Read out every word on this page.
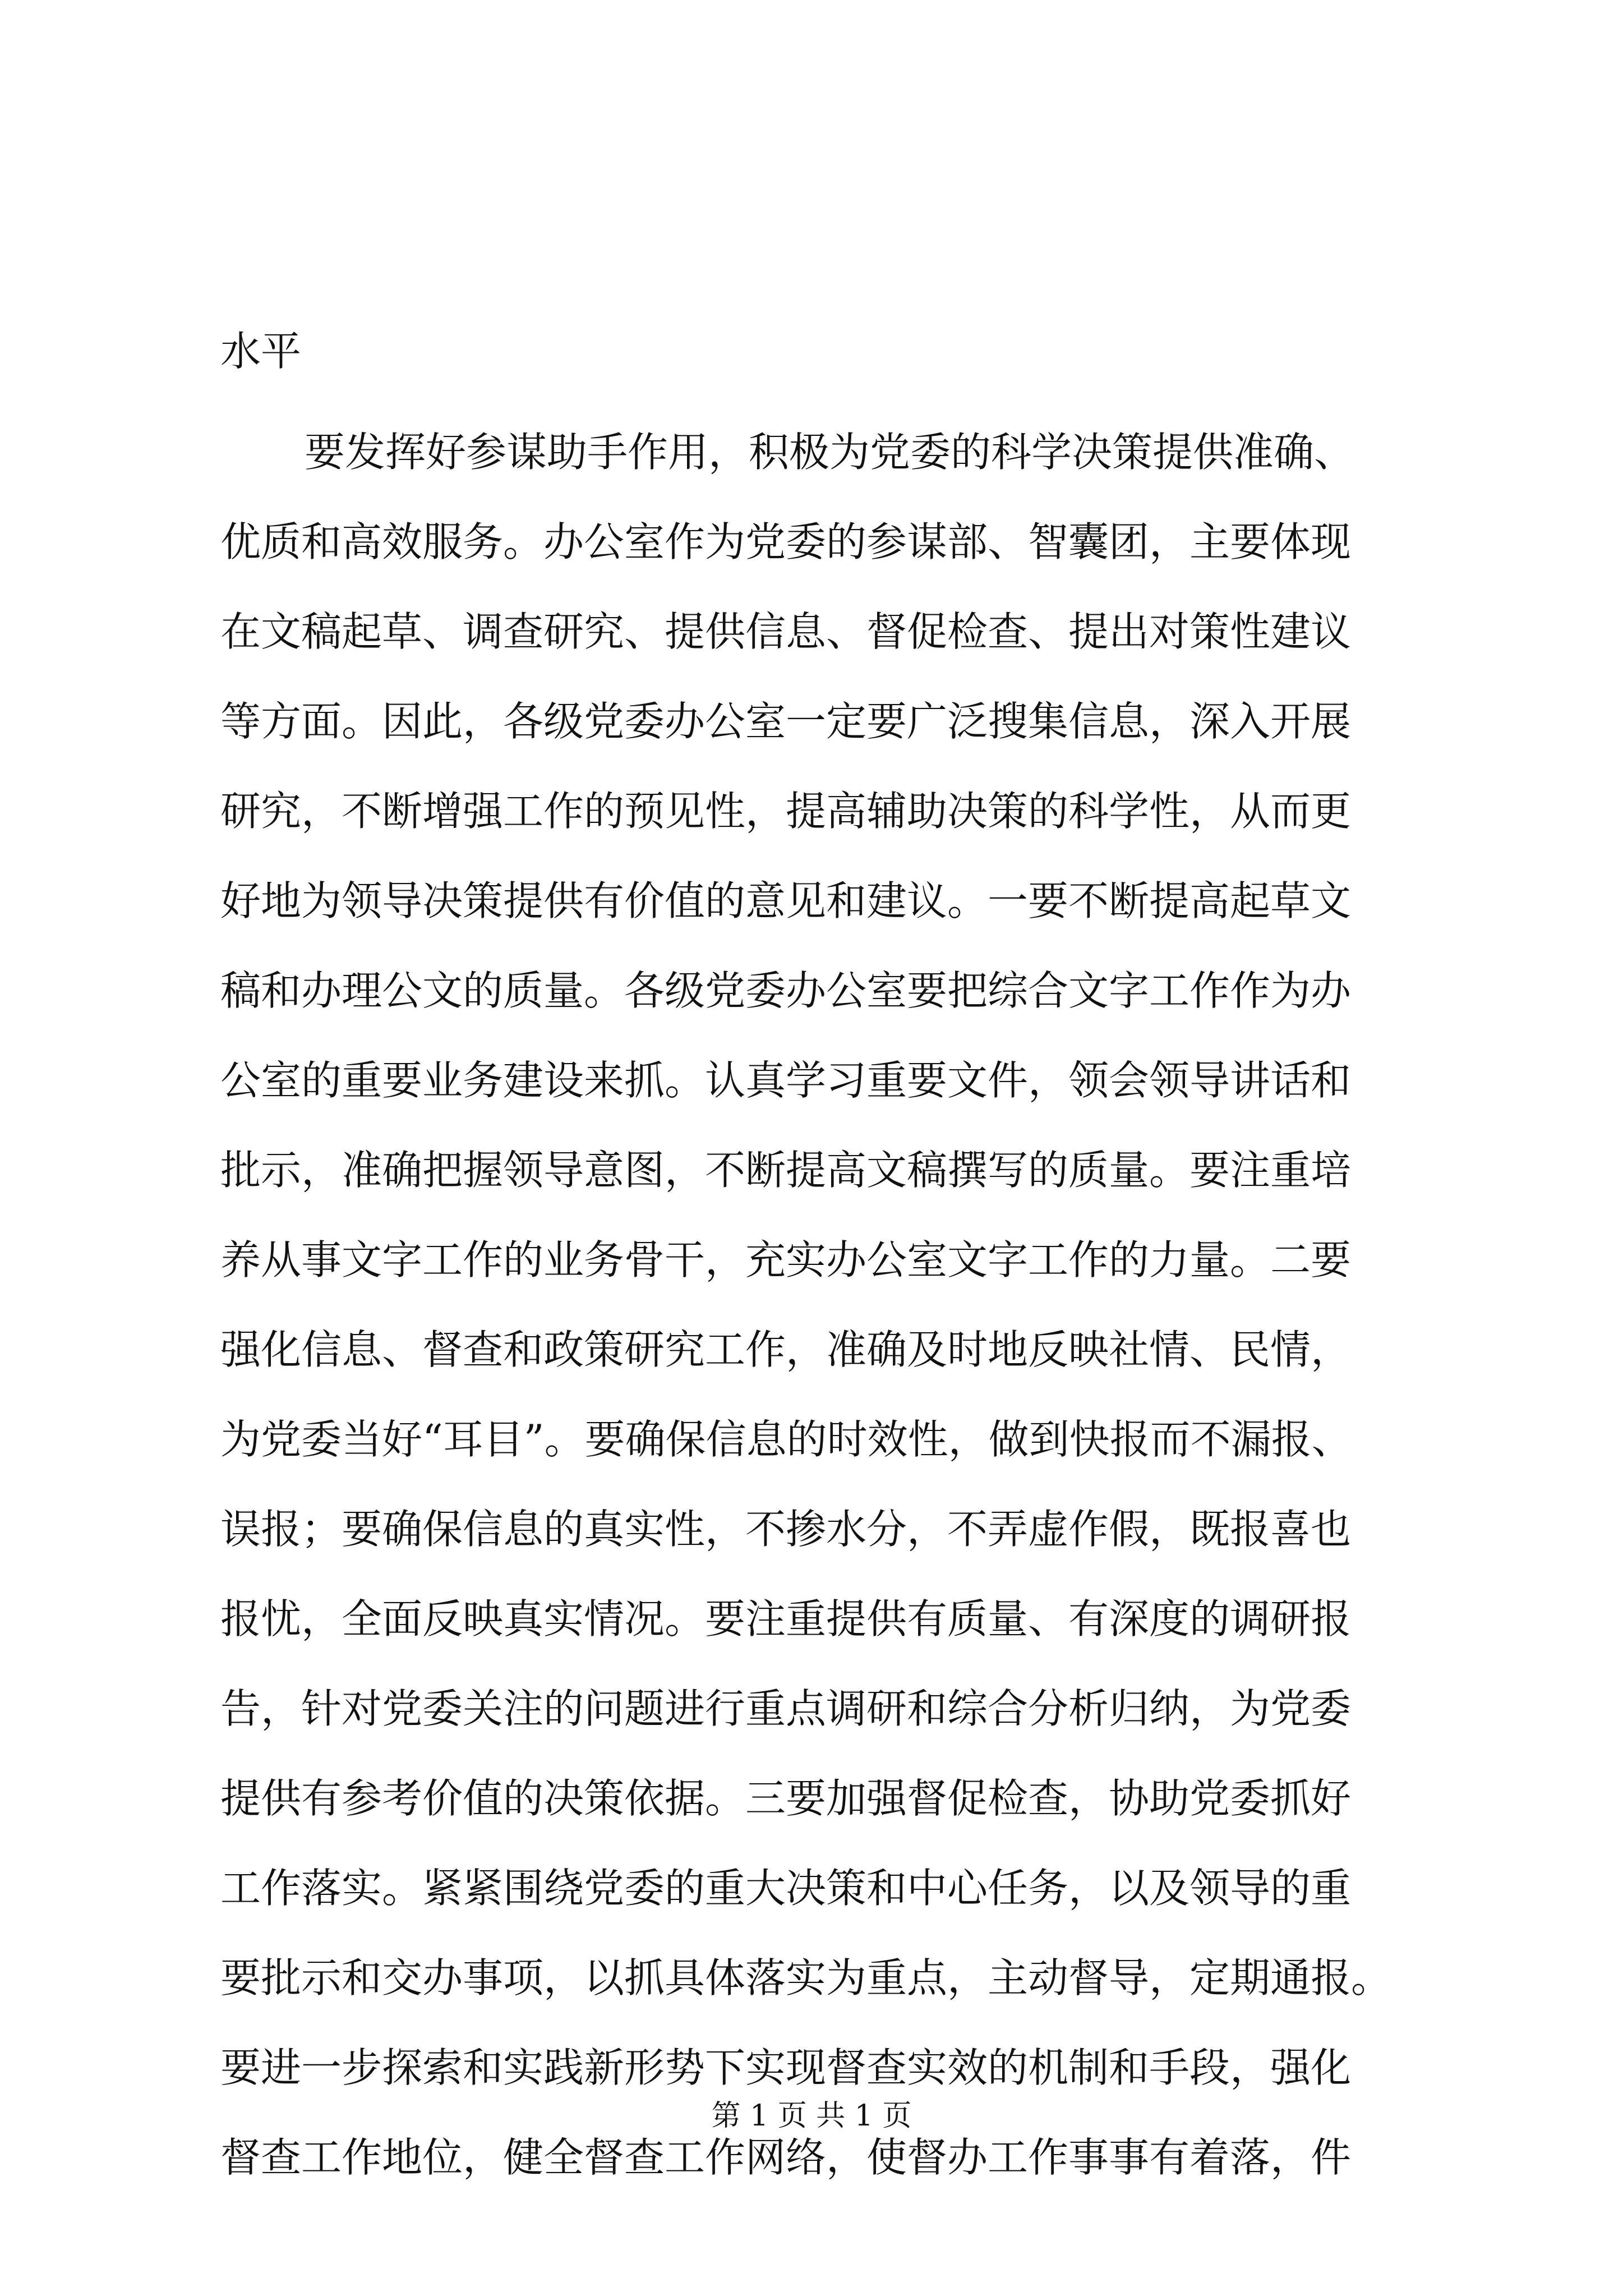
水平
要发挥好参谋助手作用，积极为党委的科学决策提供准确、
优质和高效服务。办公室作为党委的参谋部、智囊团，主要体现
在文稿起草、调查研究、提供信息、督促检查、提出对策性建议
等方面。因此，各级党委办公室一定要广泛搜集信息，深入开展
研究，不断增强工作的预见性，提高辅助决策的科学性，从而更
好地为领导决策提供有价值的意见和建议。一要不断提高起草文
稿和办理公文的质量。各级党委办公室要把综合文字工作作为办
公室的重要业务建设来抓。认真学习重要文件，领会领导讲话和
批示，准确把握领导意图，不断提高文稿撰写的质量。要注重培
养从事文字工作的业务骨干，充实办公室文字工作的力量。二要
强化信息、督查和政策研究工作，准确及时地反映社情、民情，
为党委当好“耳目”。要确保信息的时效性，做到快报而不漏报、
误报；要确保信息的真实性，不掺水分，不弄虚作假，既报喜也
报忧，全面反映真实情况。要注重提供有质量、有深度的调研报
告，针对党委关注的问题进行重点调研和综合分析归纳，为党委
提供有参考价值的决策依据。三要加强督促检查，协助党委抓好
工作落实。紧紧围绕党委的重大决策和中心任务，以及领导的重
要批示和交办事项，以抓具体落实为重点，主动督导，定期通报。
要进一步探索和实践新形势下实现督查实效的机制和手段，强化
督查工作地位，健全督查工作网络，使督办工作事事有着落，件
第 1 页 共 1 页
